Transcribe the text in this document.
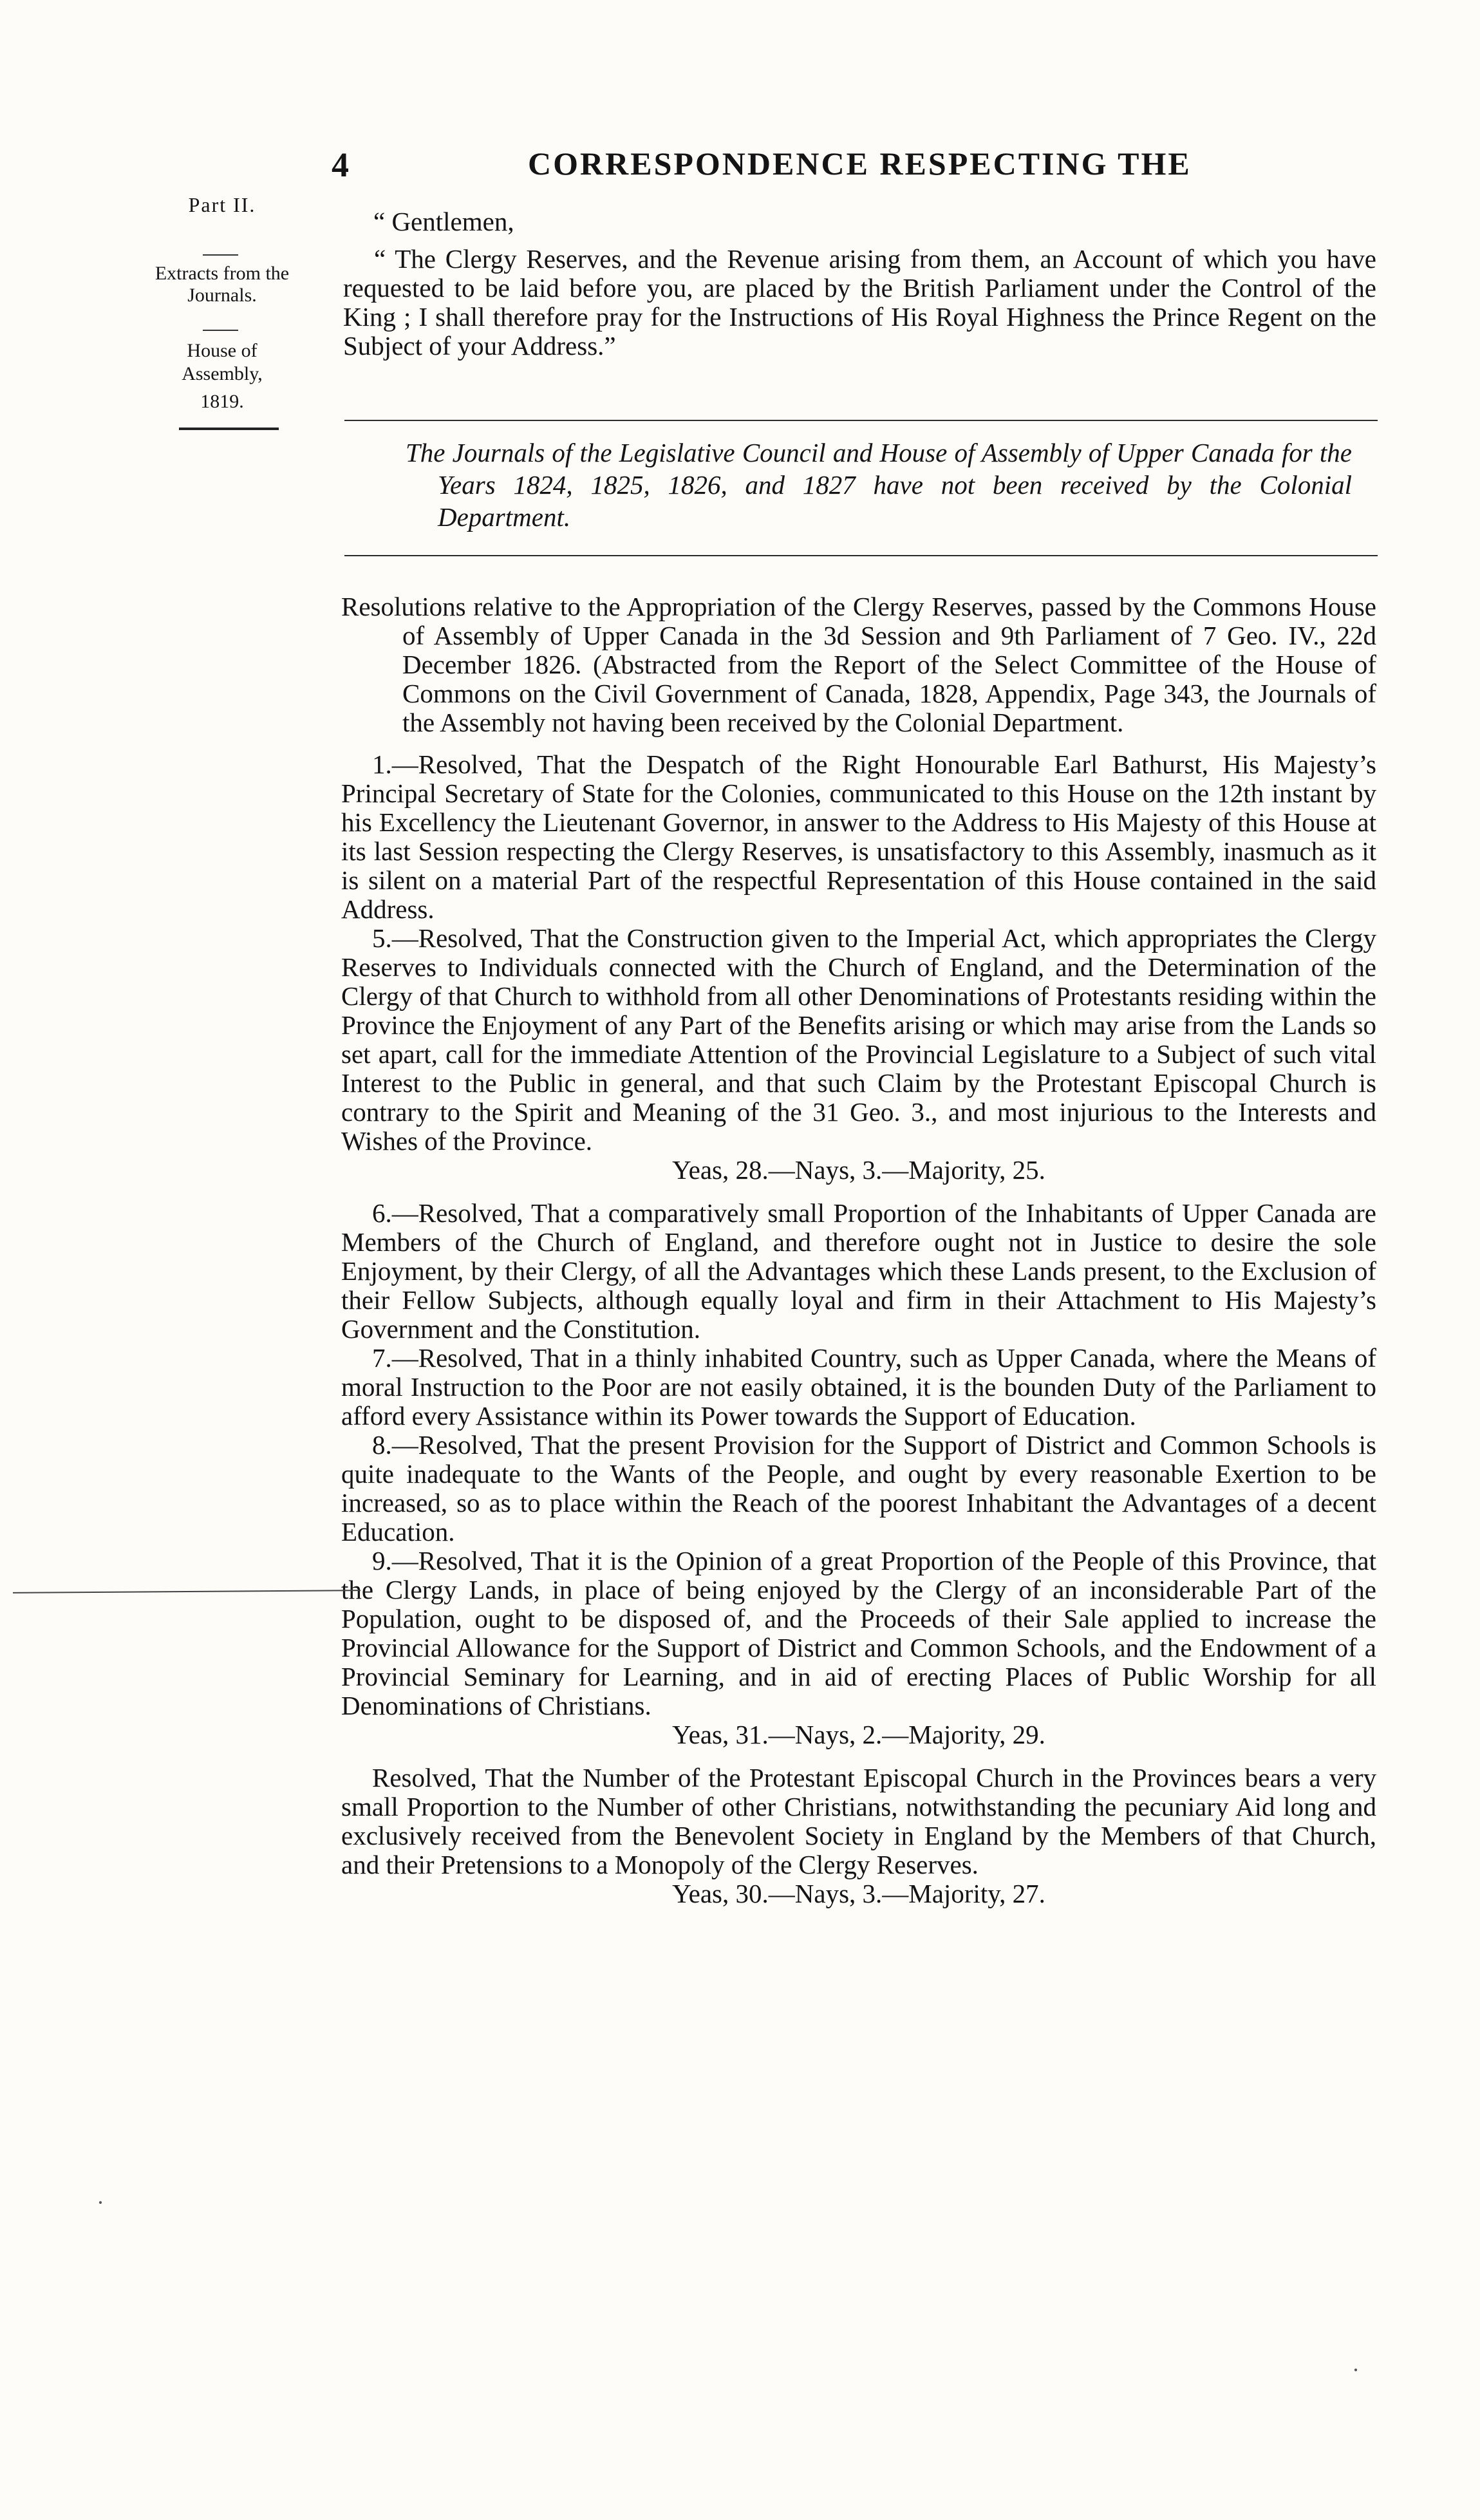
4	CORRESPONDENCE RESPECTING THE
Part II.
Extracts from the Journals.
House of Assembly,
1819.
“ Gentlemen,
“ The Clergy Reserves, and the Revenue arising from them, an Account of which you have requested to be laid before you, are placed by the British Parliament under the Control of the King ; I shall therefore pray for the Instructions of His Royal Highness the Prince Regent on the Subject of your Address.”
The Journals of the Legislative Council and House of Assembly of Upper Canada for the Years 1824, 1825, 1826, and 1827 have not been received by the Colonial Department.

Resolutions relative to the Appropriation of the Clergy Reserves, passed by the Commons House of Assembly of Upper Canada in the 3d Session and 9th Parliament of 7 Geo. IV., 22d December 1826. (Abstracted from the Report of the Select Committee of the House of Commons on the Civil Government of Canada, 1828, Appendix, Page 343, the Journals of the Assembly not having been received by the Colonial Department.

1.—Resolved, That the Despatch of the Right Honourable Earl Bathurst, His Majesty’s Principal Secretary of State for the Colonies, communicated to this House on the 12th instant by his Excellency the Lieutenant Governor, in answer to the Address to His Majesty of this House at its last Session respecting the Clergy Reserves, is unsatisfactory to this Assembly, inasmuch as it is silent on a material Part of the respectful Representation of this House contained in the said Address.

5.—Resolved, That the Construction given to the Imperial Act, which appropriates the Clergy Reserves to Individuals connected with the Church of England, and the Determination of the Clergy of that Church to withhold from all other Denominations of Protestants residing within the Province the Enjoyment of any Part of the Benefits arising or which may arise from the Lands so set apart, call for the immediate Attention of the Provincial Legislature to a Subject of such vital Interest to the Public in general, and that such Claim by the Protestant Episcopal Church is contrary to the Spirit and Meaning of the 31 Geo. 3., and most injurious to the Interests and Wishes of the Province.

Yeas, 28.—Nays, 3.—Majority, 25.

6.—Resolved, That a comparatively small Proportion of the Inhabitants of Upper Canada are Members of the Church of England, and therefore ought not in Justice to desire the sole Enjoyment, by their Clergy, of all the Advantages which these Lands present, to the Exclusion of their Fellow Subjects, although equally loyal and firm in their Attachment to His Majesty’s Government and the Constitution.

7.—Resolved, That in a thinly inhabited Country, such as Upper Canada, where the Means of moral Instruction to the Poor are not easily obtained, it is the bounden Duty of the Parliament to afford every Assistance within its Power towards the Support of Education.

8.—Resolved, That the present Provision for the Support of District and Common Schools is quite inadequate to the Wants of the People, and ought by every reasonable Exertion to be increased, so as to place within the Reach of the poorest Inhabitant the Advantages of a decent Education.

9.—Resolved, That it is the Opinion of a great Proportion of the People of this Province, that the Clergy Lands, in place of being enjoyed by the Clergy of an inconsiderable Part of the Population, ought to be disposed of, and the Proceeds of their Sale applied to increase the Provincial Allowance for the Support of District and Common Schools, and the Endowment of a Provincial Seminary for Learning, and in aid of erecting Places of Public Worship for all Denominations of Christians.

Yeas, 31.—Nays, 2.—Majority, 29.

Resolved, That the Number of the Protestant Episcopal Church in the Provinces bears a very small Proportion to the Number of other Christians, notwithstanding the pecuniary Aid long and exclusively received from the Benevolent Society in England by the Members of that Church, and their Pretensions to a Monopoly of the Clergy Reserves.

Yeas, 30.—Nays, 3.—Majority, 27.

·
·
